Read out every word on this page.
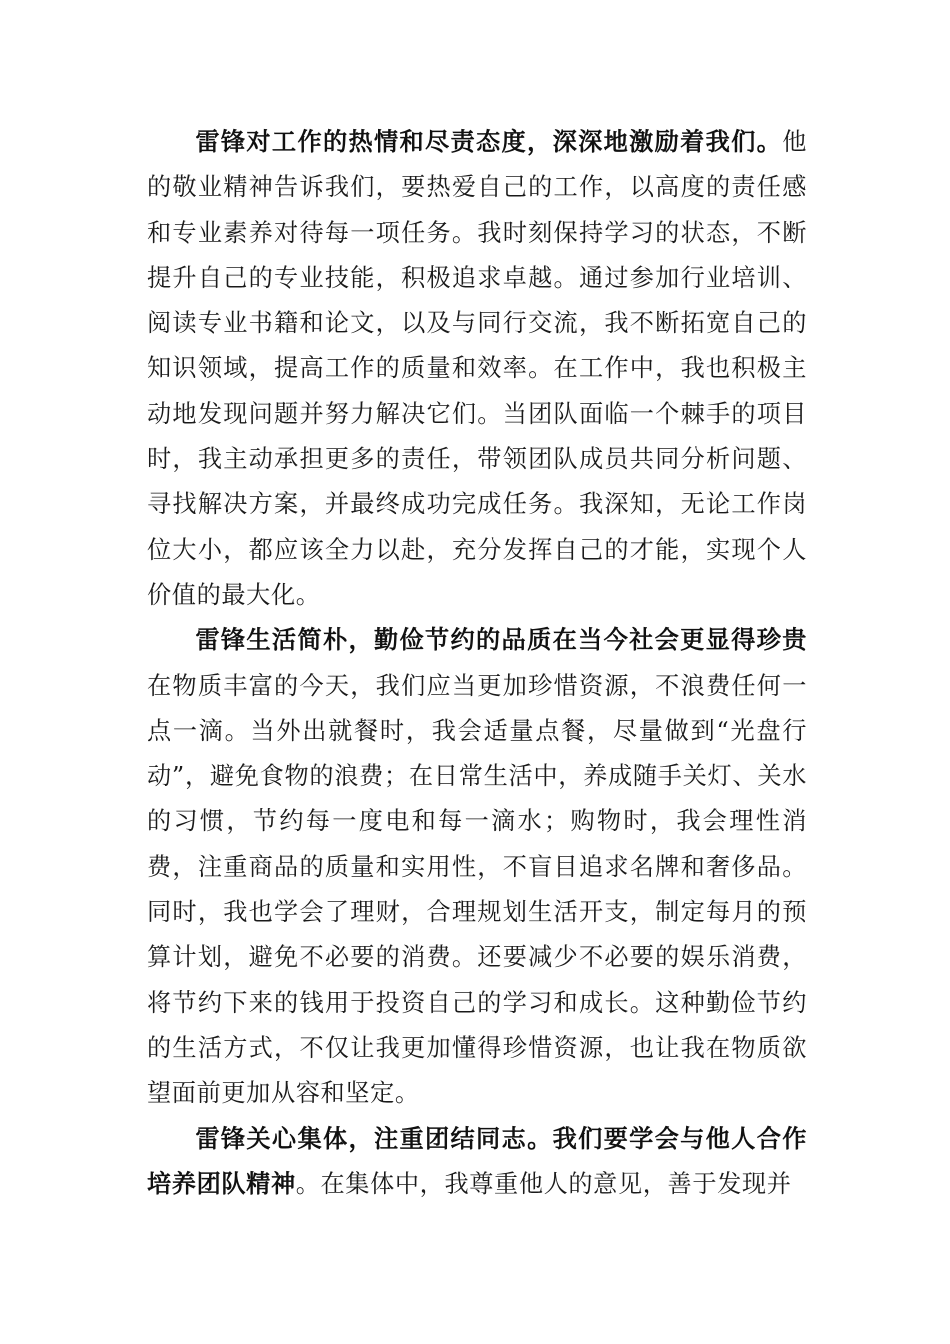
雷锋对工作的热情和尽责态度，深深地激励着我们。他的敬业精神告诉我们，要热爱自己的工作，以高度的责任感和专业素养对待每一项任务。我时刻保持学习的状态，不断提升自己的专业技能，积极追求卓越。通过参加行业培训、阅读专业书籍和论文，以及与同行交流，我不断拓宽自己的知识领域，提高工作的质量和效率。在工作中，我也积极主动地发现问题并努力解决它们。当团队面临一个棘手的项目时，我主动承担更多的责任，带领团队成员共同分析问题、寻找解决方案，并最终成功完成任务。我深知，无论工作岗位大小，都应该全力以赴，充分发挥自己的才能，实现个人价值的最大化。

雷锋生活简朴，勤俭节约的品质在当今社会更显得珍贵在物质丰富的今天，我们应当更加珍惜资源，不浪费任何一点一滴。当外出就餐时，我会适量点餐，尽量做到“光盘行动”，避免食物的浪费；在日常生活中，养成随手关灯、关水的习惯，节约每一度电和每一滴水；购物时，我会理性消费，注重商品的质量和实用性，不盲目追求名牌和奢侈品。同时，我也学会了理财，合理规划生活开支，制定每月的预算计划，避免不必要的消费。还要减少不必要的娱乐消费，将节约下来的钱用于投资自己的学习和成长。这种勤俭节约的生活方式，不仅让我更加懂得珍惜资源，也让我在物质欲望面前更加从容和坚定。

雷锋关心集体，注重团结同志。我们要学会与他人合作培养团队精神。在集体中，我尊重他人的意见，善于发现并
